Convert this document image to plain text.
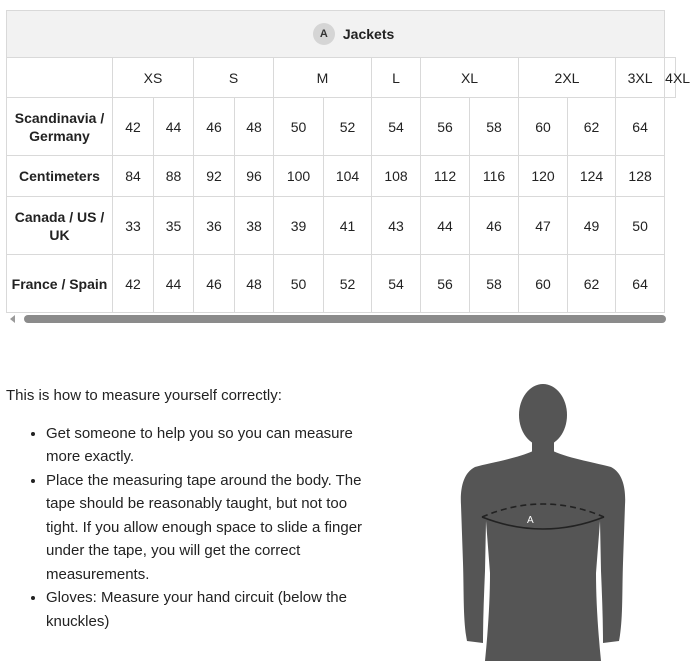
A Jackets													

	XS		S		M		L	XL		2XL		3XL	4XL
Scandinavia / Germany	42	44	46	48	50	52	54	56	58	60	62	64	
Centimeters	84	88	92	96	100	104	108	112	116	120	124	128	
Canada / US / UK	33	35	36	38	39	41	43	44	46	47	49	50	
France / Spain	42	44	46	48	50	52	54	56	58	60	62	64	

This is how to measure yourself correctly:

• Get someone to help you so you can measure more exactly.
• Place the measuring tape around the body. The tape should be reasonably taught, but not too tight. If you allow enough space to slide a finger under the tape, you will get the correct measurements.
• Gloves: Measure your hand circuit (below the knuckles)
A
